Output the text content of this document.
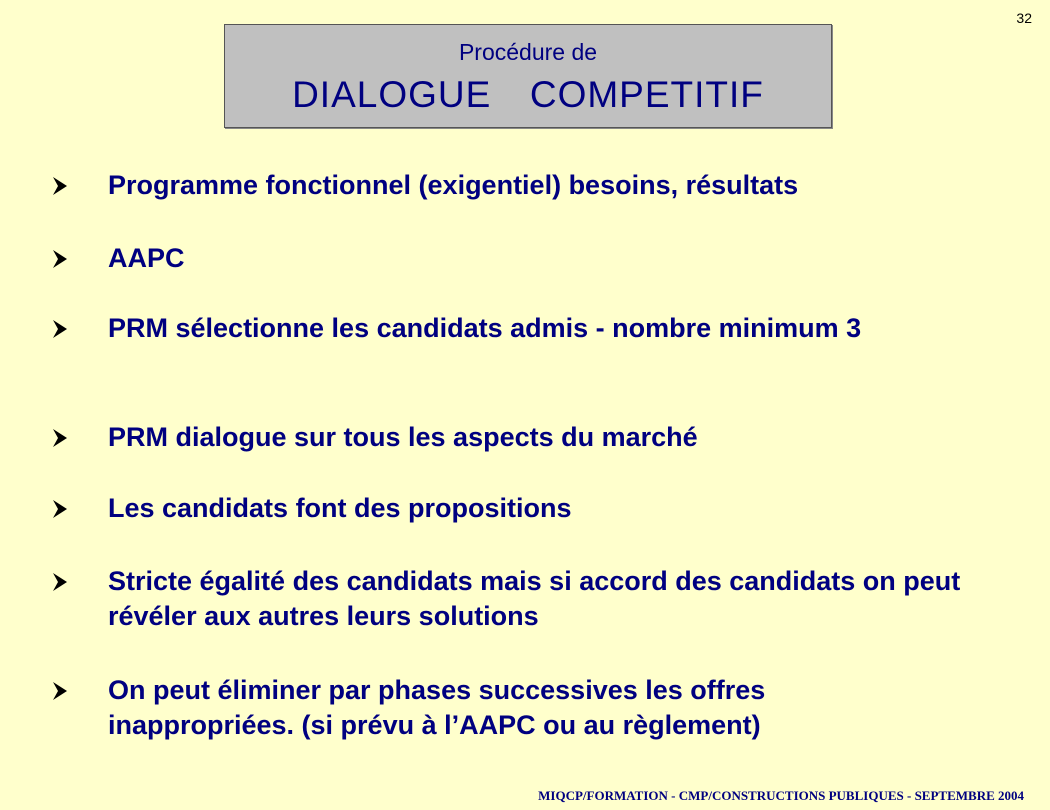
32
Procédure de
DIALOGUE  COMPETITIF
Programme fonctionnel (exigentiel) besoins, résultats
AAPC
PRM sélectionne les candidats admis - nombre minimum 3
PRM dialogue sur tous les aspects du marché
Les candidats font des propositions
Stricte égalité des candidats mais si accord des candidats on peut révéler aux autres leurs solutions
On peut éliminer par phases successives les offres inappropriées. (si prévu à l’AAPC ou au règlement)
MIQCP/FORMATION - CMP/CONSTRUCTIONS PUBLIQUES - SEPTEMBRE 2004
